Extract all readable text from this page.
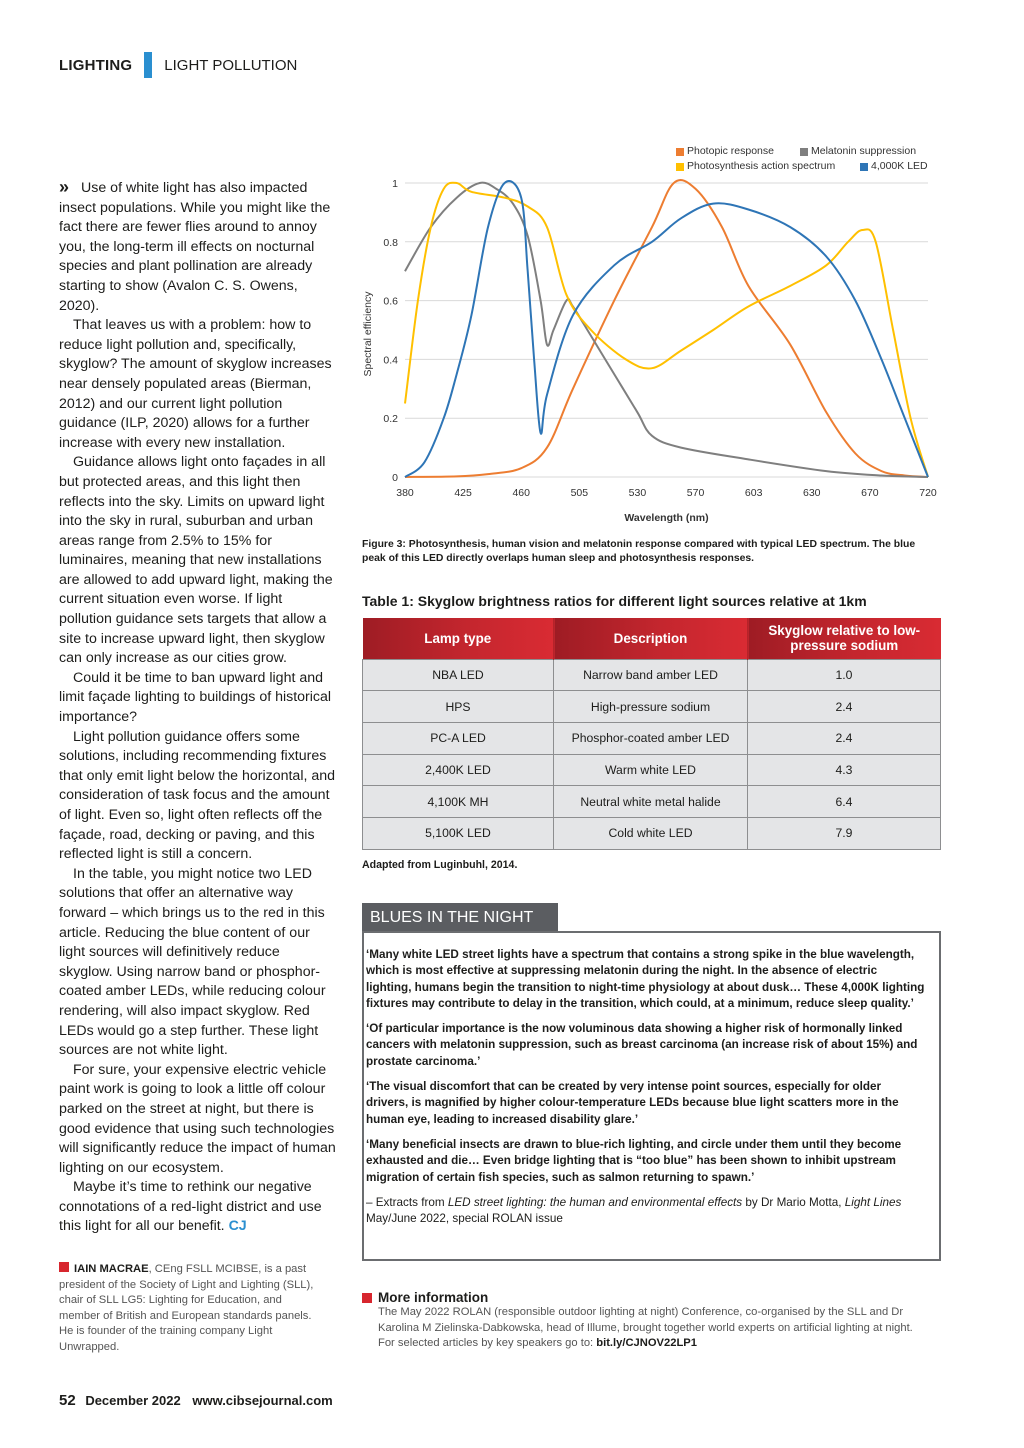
LIGHTING LIGHT POLLUTION

» Use of white light has also impacted insect populations. While you might like the fact there are fewer flies around to annoy you, the long-term ill effects on nocturnal species and plant pollination are already starting to show (Avalon C. S. Owens, 2020).

That leaves us with a problem: how to reduce light pollution and, specifically, skyglow? The amount of skyglow increases near densely populated areas (Bierman, 2012) and our current light pollution guidance (ILP, 2020) allows for a further increase with every new installation.

Guidance allows light onto façades in all but protected areas, and this light then reflects into the sky. Limits on upward light into the sky in rural, suburban and urban areas range from 2.5% to 15% for luminaires, meaning that new installations are allowed to add upward light, making the current situation even worse. If light pollution guidance sets targets that allow a site to increase upward light, then skyglow can only increase as our cities grow.

Could it be time to ban upward light and limit façade lighting to buildings of historical importance?

Light pollution guidance offers some solutions, including recommending fixtures that only emit light below the horizontal, and consideration of task focus and the amount of light. Even so, light often reflects off the façade, road, decking or paving, and this reflected light is still a concern.

In the table, you might notice two LED solutions that offer an alternative way forward – which brings us to the red in this article. Reducing the blue content of our light sources will definitively reduce skyglow. Using narrow band or phosphor-coated amber LEDs, while reducing colour rendering, will also impact skyglow. Red LEDs would go a step further. These light sources are not white light.

For sure, your expensive electric vehicle paint work is going to look a little off colour parked on the street at night, but there is good evidence that using such technologies will significantly reduce the impact of human lighting on our ecosystem.

Maybe it’s time to rethink our negative connotations of a red-light district and use this light for all our benefit. CJ

IAIN MACRAE, CEng FSLL MCIBSE, is a past president of the Society of Light and Lighting (SLL), chair of SLL LG5: Lighting for Education, and member of British and European standards panels. He is founder of the training company Light Unwrapped.
52 December 2022 www.cibsejournal.com
Photopic response	Melatonin suppression
Photosynthesis action spectrum	4,000K LED
0
0.2
0.4
0.6
0.8
1
380	425	460	505	530	570	603	630	670	720
Wavelength (nm)
Spectral efficiency
Figure 3: Photosynthesis, human vision and melatonin response compared with typical LED spectrum. The blue peak of this LED directly overlaps human sleep and photosynthesis responses.
Table 1: Skyglow brightness ratios for different light sources relative at 1km
Lamp type	Description	Skyglow relative to low-pressure sodium
NBA LED	Narrow band amber LED	1.0
HPS	High-pressure sodium	2.4
PC-A LED	Phosphor-coated amber LED	2.4
2,400K LED	Warm white LED	4.3
4,100K MH	Neutral white metal halide	6.4
5,100K LED	Cold white LED	7.9
Adapted from Luginbuhl, 2014.
BLUES IN THE NIGHT

‘Many white LED street lights have a spectrum that contains a strong spike in the blue wavelength, which is most effective at suppressing melatonin during the night. In the absence of electric lighting, humans begin the transition to night-time physiology at about dusk… These 4,000K lighting fixtures may contribute to delay in the transition, which could, at a minimum, reduce sleep quality.’

‘Of particular importance is the now voluminous data showing a higher risk of hormonally linked cancers with melatonin suppression, such as breast carcinoma (an increase risk of about 15%) and prostate carcinoma.’

‘The visual discomfort that can be created by very intense point sources, especially for older drivers, is magnified by higher colour-temperature LEDs because blue light scatters more in the human eye, leading to increased disability glare.’

‘Many beneficial insects are drawn to blue-rich lighting, and circle under them until they become exhausted and die… Even bridge lighting that is “too blue” has been shown to inhibit upstream migration of certain fish species, such as salmon returning to spawn.’

– Extracts from LED street lighting: the human and environmental effects by Dr Mario Motta, Light Lines May/June 2022, special ROLAN issue

More information
The May 2022 ROLAN (responsible outdoor lighting at night) Conference, co-organised by the SLL and Dr Karolina M Zielinska-Dabkowska, head of Illume, brought together world experts on artificial lighting at night. For selected articles by key speakers go to: bit.ly/CJNOV22LP1
